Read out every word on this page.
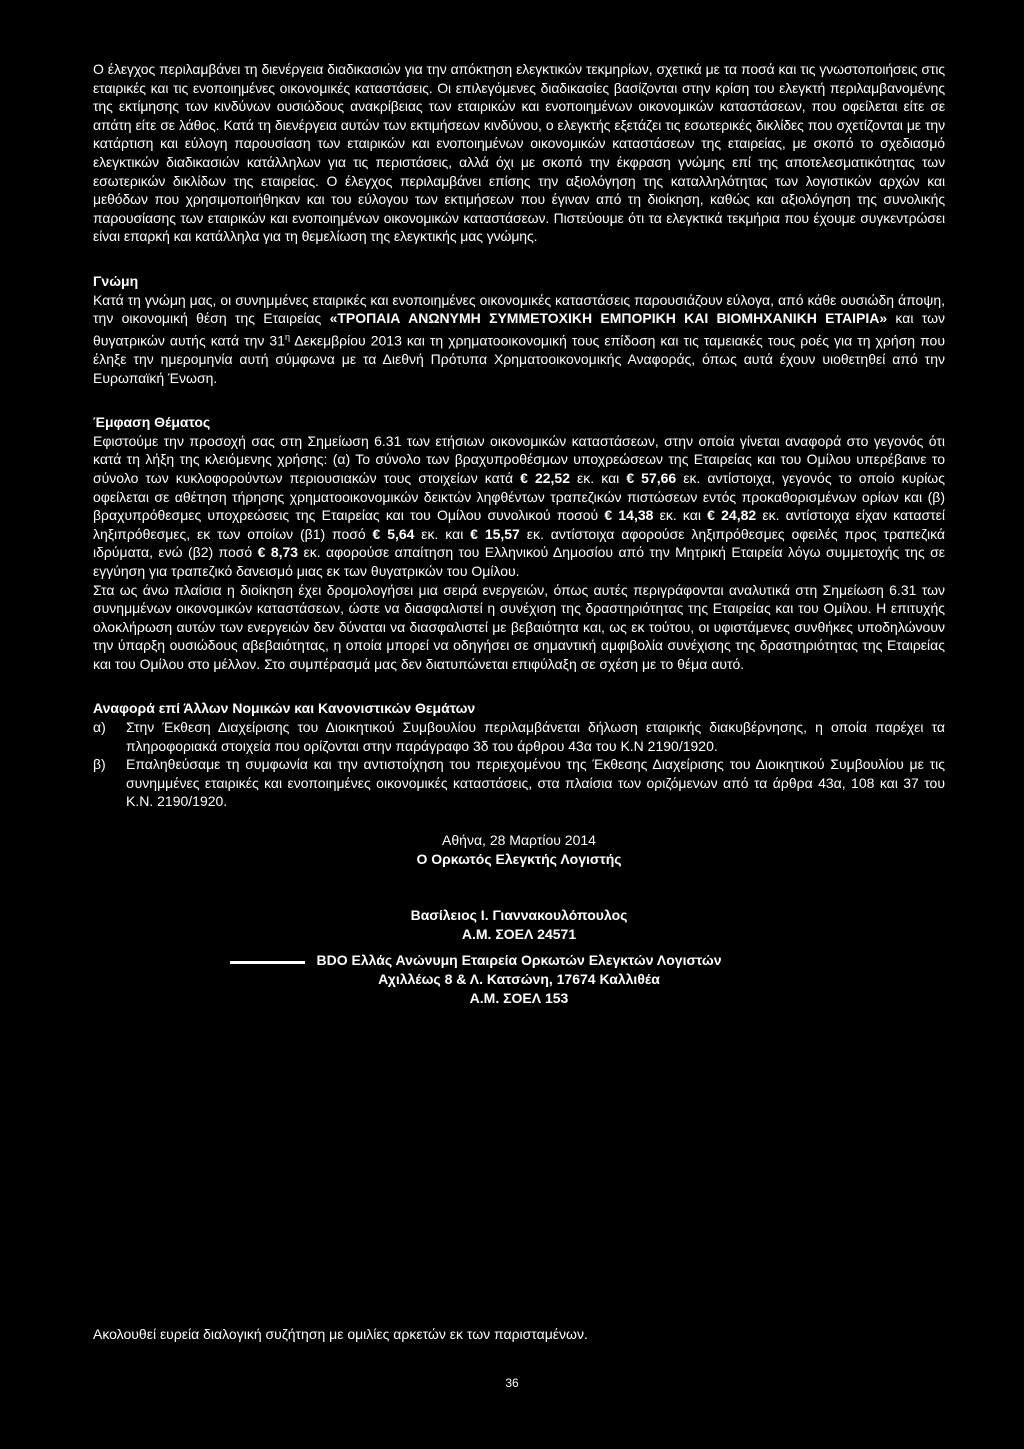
Ο έλεγχος περιλαμβάνει τη διενέργεια διαδικασιών για την απόκτηση ελεγκτικών τεκμηρίων, σχετικά με τα ποσά και τις γνωστοποιήσεις στις εταιρικές και τις ενοποιημένες οικονομικές καταστάσεις. Οι επιλεγόμενες διαδικασίες βασίζονται στην κρίση του ελεγκτή περιλαμβανομένης της εκτίμησης των κινδύνων ουσιώδους ανακρίβειας των εταιρικών και ενοποιημένων οικονομικών καταστάσεων, που οφείλεται είτε σε απάτη είτε σε λάθος. Κατά τη διενέργεια αυτών των εκτιμήσεων κινδύνου, ο ελεγκτής εξετάζει τις εσωτερικές δικλίδες που σχετίζονται με την κατάρτιση και εύλογη παρουσίαση των εταιρικών και ενοποιημένων οικονομικών καταστάσεων της εταιρείας, με σκοπό το σχεδιασμό ελεγκτικών διαδικασιών κατάλληλων για τις περιστάσεις, αλλά όχι με σκοπό την έκφραση γνώμης επί της αποτελεσματικότητας των εσωτερικών δικλίδων της εταιρείας. Ο έλεγχος περιλαμβάνει επίσης την αξιολόγηση της καταλληλότητας των λογιστικών αρχών και μεθόδων που χρησιμοποιήθηκαν και του εύλογου των εκτιμήσεων που έγιναν από τη διοίκηση, καθώς και αξιολόγηση της συνολικής παρουσίασης των εταιρικών και ενοποιημένων οικονομικών καταστάσεων. Πιστεύουμε ότι τα ελεγκτικά τεκμήρια που έχουμε συγκεντρώσει είναι επαρκή και κατάλληλα για τη θεμελίωση της ελεγκτικής μας γνώμης.

Γνώμη

Κατά τη γνώμη μας, οι συνημμένες εταιρικές και ενοποιημένες οικονομικές καταστάσεις παρουσιάζουν εύλογα, από κάθε ουσιώδη άποψη, την οικονομική θέση της Εταιρείας «ΤΡΟΠΑΙΑ ΑΝΩΝΥΜΗ ΣΥΜΜΕΤΟΧΙΚΗ ΕΜΠΟΡΙΚΗ ΚΑΙ ΒΙΟΜΗΧΑΝΙΚΗ ΕΤΑΙΡΙΑ» και των θυγατρικών αυτής κατά την $31^\eta$ Δεκεμβρίου 2013 και τη χρηματοοικονομική τους επίδοση και τις ταμειακές τους ροές για τη χρήση που έληξε την ημερομηνία αυτή σύμφωνα με τα Διεθνή Πρότυπα Χρηματοοικονομικής Αναφοράς, όπως αυτά έχουν υιοθετηθεί από την Ευρωπαϊκή Ένωση.

Έμφαση Θέματος

Εφιστούμε την προσοχή σας στη Σημείωση 6.31 των ετήσιων οικονομικών καταστάσεων, στην οποία γίνεται αναφορά στο γεγονός ότι κατά τη λήξη της κλειόμενης χρήσης: (α) Το σύνολο των βραχυπροθέσμων υποχρεώσεων της Εταιρείας και του Ομίλου υπερέβαινε το σύνολο των κυκλοφορούντων περιουσιακών τους στοιχείων κατά € 22,52 εκ. και € 57,66 εκ. αντίστοιχα, γεγονός το οποίο κυρίως οφείλεται σε αθέτηση τήρησης χρηματοοικονομικών δεικτών ληφθέντων τραπεζικών πιστώσεων εντός προκαθορισμένων ορίων και (β) βραχυπρόθεσμες υποχρεώσεις της Εταιρείας και του Ομίλου συνολικού ποσού € 14,38 εκ. και € 24,82 εκ. αντίστοιχα είχαν καταστεί ληξιπρόθεσμες, εκ των οποίων (β1) ποσό € 5,64 εκ. και € 15,57 εκ. αντίστοιχα αφορούσε ληξιπρόθεσμες οφειλές προς τραπεζικά ιδρύματα, ενώ (β2) ποσό € 8,73 εκ. αφορούσε απαίτηση του Ελληνικού Δημοσίου από την Μητρική Εταιρεία λόγω συμμετοχής της σε εγγύηση για τραπεζικό δανεισμό μιας εκ των θυγατρικών του Ομίλου.

Στα ως άνω πλαίσια η διοίκηση έχει δρομολογήσει μια σειρά ενεργειών, όπως αυτές περιγράφονται αναλυτικά στη Σημείωση 6.31 των συνημμένων οικονομικών καταστάσεων, ώστε να διασφαλιστεί η συνέχιση της δραστηριότητας της Εταιρείας και του Ομίλου. Η επιτυχής ολοκλήρωση αυτών των ενεργειών δεν δύναται να διασφαλιστεί με βεβαιότητα και, ως εκ τούτου, οι υφιστάμενες συνθήκες υποδηλώνουν την ύπαρξη ουσιώδους αβεβαιότητας, η οποία μπορεί να οδηγήσει σε σημαντική αμφιβολία συνέχισης της δραστηριότητας της Εταιρείας και του Ομίλου στο μέλλον. Στο συμπέρασμά μας δεν διατυπώνεται επιφύλαξη σε σχέση με το θέμα αυτό.

Αναφορά επί Άλλων Νομικών και Κανονιστικών Θεμάτων
α)	Στην Έκθεση Διαχείρισης του Διοικητικού Συμβουλίου περιλαμβάνεται δήλωση εταιρικής διακυβέρνησης, η οποία παρέχει τα πληροφοριακά στοιχεία που ορίζονται στην παράγραφο 3δ του άρθρου 43α του Κ.Ν 2190/1920.
β)	Επαληθεύσαμε τη συμφωνία και την αντιστοίχηση του περιεχομένου της Έκθεσης Διαχείρισης του Διοικητικού Συμβουλίου με τις συνημμένες εταιρικές και ενοποιημένες οικονομικές καταστάσεις, στα πλαίσια των οριζόμενων από τα άρθρα 43α, 108 και 37 του Κ.Ν. 2190/1920.
Αθήνα, 28 Μαρτίου 2014
Ο Ορκωτός Ελεγκτής Λογιστής
Βασίλειος Ι. Γιαννακουλόπουλος
Α.Μ. ΣΟΕΛ 24571
BDO Ελλάς Ανώνυμη Εταιρεία Ορκωτών Ελεγκτών Λογιστών
Αχιλλέως 8 & Λ. Κατσώνη, 17674 Καλλιθέα
Α.Μ. ΣΟΕΛ 153
Ακολουθεί ευρεία διαλογική συζήτηση με ομιλίες αρκετών εκ των παρισταμένων.
36
